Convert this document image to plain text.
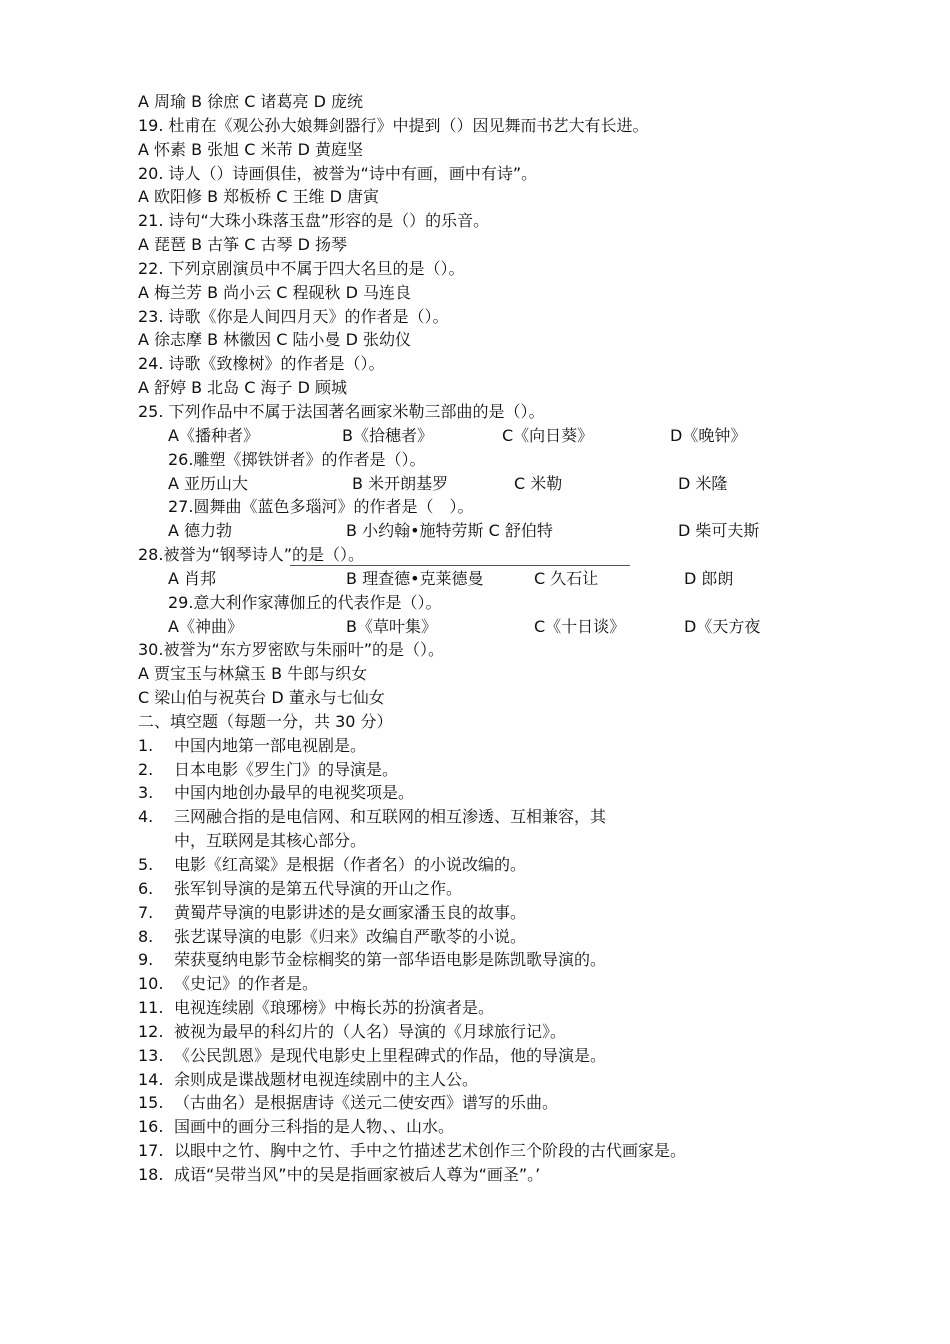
A 周瑜 B 徐庶 C 诸葛亮 D 庞统
19. 杜甫在《观公孙大娘舞剑器行》中提到（）因见舞而书艺大有长进。
A 怀素 B 张旭 C 米芾 D 黄庭坚
20. 诗人（）诗画俱佳，被誉为“诗中有画，画中有诗”。
A 欧阳修 B 郑板桥 C 王维 D 唐寅
21. 诗句“大珠小珠落玉盘”形容的是（）的乐音。
A 琵琶 B 古筝 C 古琴 D 扬琴
22. 下列京剧演员中不属于四大名旦的是（）。
A 梅兰芳 B 尚小云 C 程砚秋 D 马连良
23. 诗歌《你是人间四月天》的作者是（）。
A 徐志摩 B 林徽因 C 陆小曼 D 张幼仪
24. 诗歌《致橡树》的作者是（）。
A 舒婷 B 北岛 C 海子 D 顾城
25. 下列作品中不属于法国著名画家米勒三部曲的是（）。
A《播种者》	B《拾穗者》	C《向日葵》	D《晚钟》
26.雕塑《掷铁饼者》的作者是（）。
A 亚历山大	B 米开朗基罗	C 米勒	D 米隆
27.圆舞曲《蓝色多瑙河》的作者是（　）。
A 德力勃	B 小约翰•施特劳斯 C 舒伯特	D 柴可夫斯
28.被誉为“钢琴诗人”的是（）。
A 肖邦	B 理查德•克莱德曼	C 久石让	D 郎朗
29.意大利作家薄伽丘的代表作是（）。
A《神曲》	B《草叶集》	C《十日谈》	D《天方夜
30.被誉为“东方罗密欧与朱丽叶”的是（）。
A 贾宝玉与林黛玉 B 牛郎与织女
C 梁山伯与祝英台 D 董永与七仙女
二、填空题（每题一分，共 30 分）
1. 中国内地第一部电视剧是。
2. 日本电影《罗生门》的导演是。
3. 中国内地创办最早的电视奖项是。
4. 三网融合指的是电信网、和互联网的相互渗透、互相兼容，其
中，互联网是其核心部分。
5. 电影《红高粱》是根据（作者名）的小说改编的。
6. 张军钊导演的是第五代导演的开山之作。
7. 黄蜀芹导演的电影讲述的是女画家潘玉良的故事。
8. 张艺谋导演的电影《归来》改编自严歌苓的小说。
9. 荣获戛纳电影节金棕榈奖的第一部华语电影是陈凯歌导演的。
10. 《史记》的作者是。
11. 电视连续剧《琅琊榜》中梅长苏的扮演者是。
12. 被视为最早的科幻片的（人名）导演的《月球旅行记》。
13. 《公民凯恩》是现代电影史上里程碑式的作品，他的导演是。
14. 余则成是谍战题材电视连续剧中的主人公。
15. （古曲名）是根据唐诗《送元二使安西》谱写的乐曲。
16. 国画中的画分三科指的是人物、、山水。
17. 以眼中之竹、胸中之竹、手中之竹描述艺术创作三个阶段的古代画家是。
18. 成语“吴带当风”中的吴是指画家被后人尊为“画圣”。’
